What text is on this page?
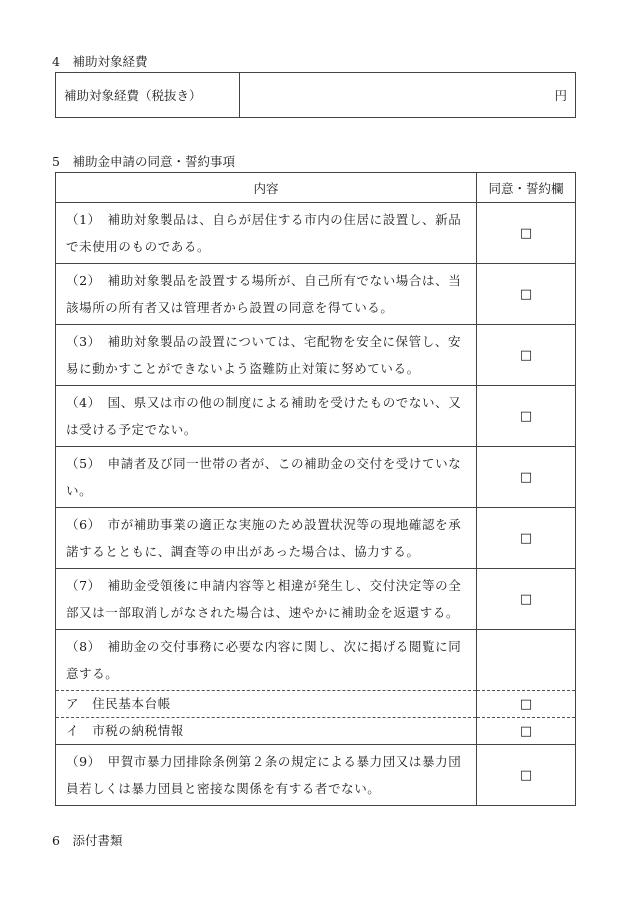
4　補助対象経費
補助対象経費（税抜き）	円
5　補助金申請の同意・誓約事項
内容	同意・誓約欄
（1）　補助対象製品は、自らが居住する市内の住居に設置し、新品で未使用のものである。	□
（2）　補助対象製品を設置する場所が、自己所有でない場合は、当該場所の所有者又は管理者から設置の同意を得ている。	□
（3）　補助対象製品の設置については、宅配物を安全に保管し、安易に動かすことができないよう盗難防止対策に努めている。	□
（4）　国、県又は市の他の制度による補助を受けたものでない、又は受ける予定でない。	□
（5）　申請者及び同一世帯の者が、この補助金の交付を受けていない。	□
（6）　市が補助事業の適正な実施のため設置状況等の現地確認を承諾するとともに、調査等の申出があった場合は、協力する。	□
（7）　補助金受領後に申請内容等と相違が発生し、交付決定等の全部又は一部取消しがなされた場合は、速やかに補助金を返還する。	□
（8）　補助金の交付事務に必要な内容に関し、次に掲げる閲覧に同意する。	
ア　住民基本台帳	□
イ　市税の納税情報	□
（9）　甲賀市暴力団排除条例第２条の規定による暴力団又は暴力団員若しくは暴力団員と密接な関係を有する者でない。	□
6　添付書類
